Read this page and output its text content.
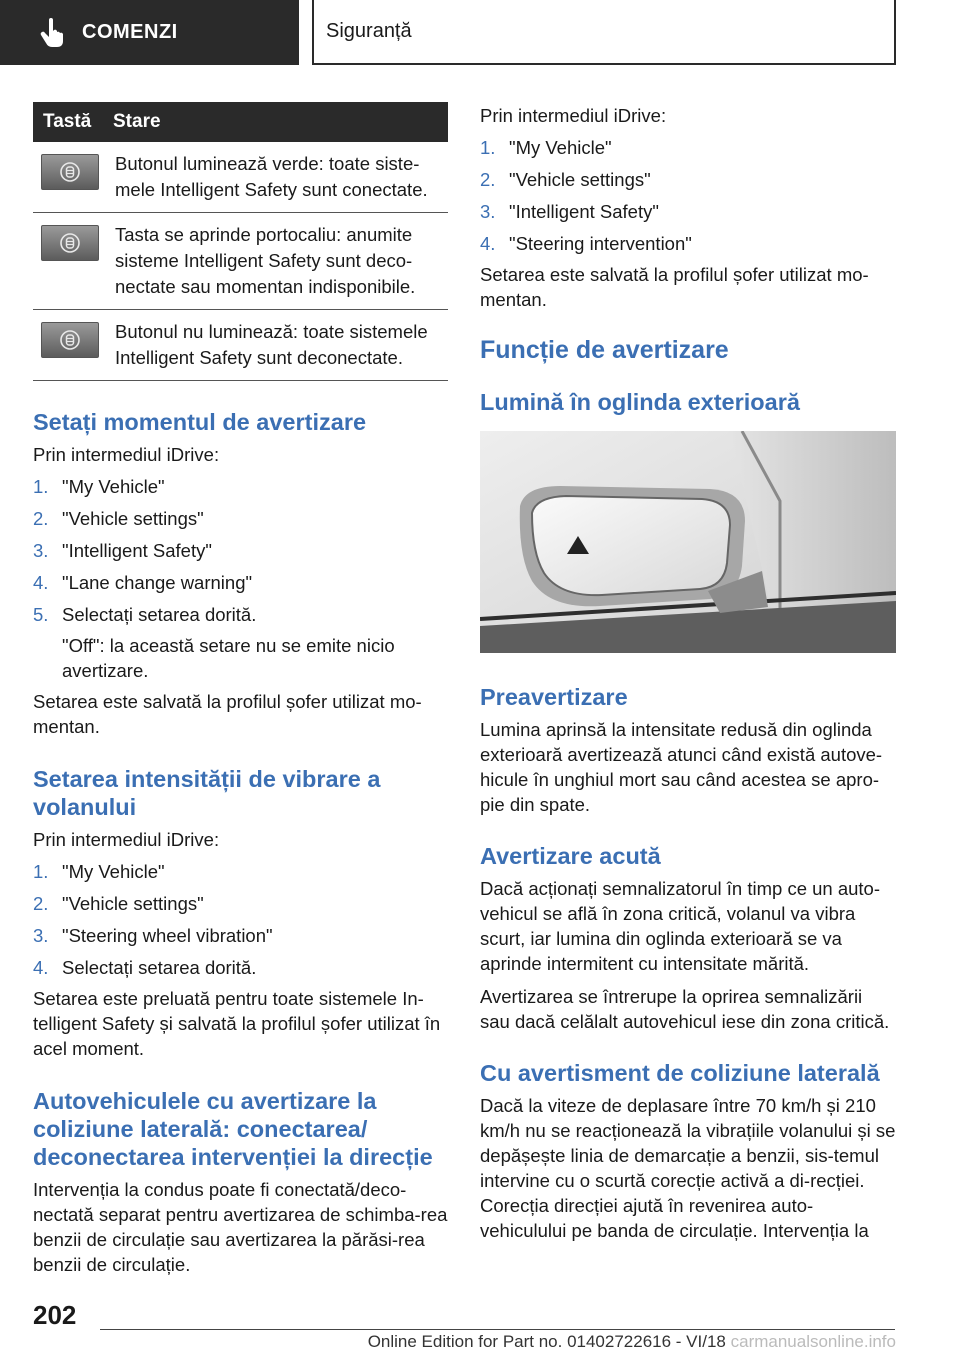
COMENZI	Siguranță
Tastă	Stare

	Butonul luminează verde: toate siste-mele Intelligent Safety sunt conectate.

	Tasta se aprinde portocaliu: anumite sisteme Intelligent Safety sunt deco-nectate sau momentan indisponibile.

	Butonul nu luminează: toate sistemele Intelligent Safety sunt deconectate.
Setați momentul de avertizare

Prin intermediul iDrive:

1. "My Vehicle"
2. "Vehicle settings"
3. "Intelligent Safety"
4. "Lane change warning"
5. Selectați setarea dorită.
"Off": la această setare nu se emite nicio avertizare.

Setarea este salvată la profilul șofer utilizat mo-mentan.

Setarea intensității de vibrare a volanului

Prin intermediul iDrive:

1. "My Vehicle"
2. "Vehicle settings"
3. "Steering wheel vibration"
4. Selectați setarea dorită.

Setarea este preluată pentru toate sistemele In-telligent Safety și salvată la profilul șofer utilizat în acel moment.

Autovehiculele cu avertizare la coliziune laterală: conectarea/ deconectarea intervenției la direcție

Intervenția la condus poate fi conectată/deco-nectată separat pentru avertizarea de schimba-rea benzii de circulație sau avertizarea la părăsi-rea benzii de circulație.

Prin intermediul iDrive:

1. "My Vehicle"
2. "Vehicle settings"
3. "Intelligent Safety"
4. "Steering intervention"

Setarea este salvată la profilul șofer utilizat mo-mentan.

Funcție de avertizare
Lumină în oglinda exterioară
Preavertizare

Lumina aprinsă la intensitate redusă din oglinda exterioară avertizează atunci când există autove-hicule în unghiul mort sau când acestea se apro-pie din spate.

Avertizare acută

Dacă acționați semnalizatorul în timp ce un auto-vehicul se află în zona critică, volanul va vibra scurt, iar lumina din oglinda exterioară se va aprinde intermitent cu intensitate mărită.

Avertizarea se întrerupe la oprirea semnalizării sau dacă celălalt autovehicul iese din zona critică.

Cu avertisment de coliziune laterală

Dacă la viteze de deplasare între 70 km/h și 210 km/h nu se reacționează la vibrațiile volanului și se depășește linia de demarcație a benzii, sis-temul intervine cu o scurtă corecție activă a di-recției. Corecția direcției ajută în revenirea auto-vehiculului pe banda de circulație. Intervenția la

202
Online Edition for Part no. 01402722616 - VI/18 carmanualsonline.info
